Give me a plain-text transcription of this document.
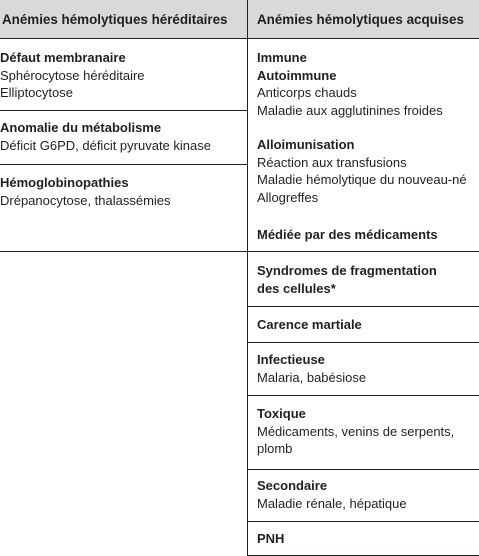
Anémies hémolytiques héréditaires	Anémies hémolytiques acquises
Défaut membranaire
Sphérocytose héréditaire
Elliptocytose
Anomalie du métabolisme
Déficit G6PD, déficit pyruvate kinase
Hémoglobinopathies
Drépanocytose, thalassémies
Immune
Autoimmune
Anticorps chauds
Maladie aux agglutinines froides
Alloimunisation
Réaction aux transfusions
Maladie hémolytique du nouveau-né
Allogreffes
Médiée par des médicaments
Syndromes de fragmentation
des cellules*
Carence martiale
Infectieuse
Malaria, babésiose
Toxique
Médicaments, venins de serpents,
plomb
Secondaire
Maladie rénale, hépatique
PNH
